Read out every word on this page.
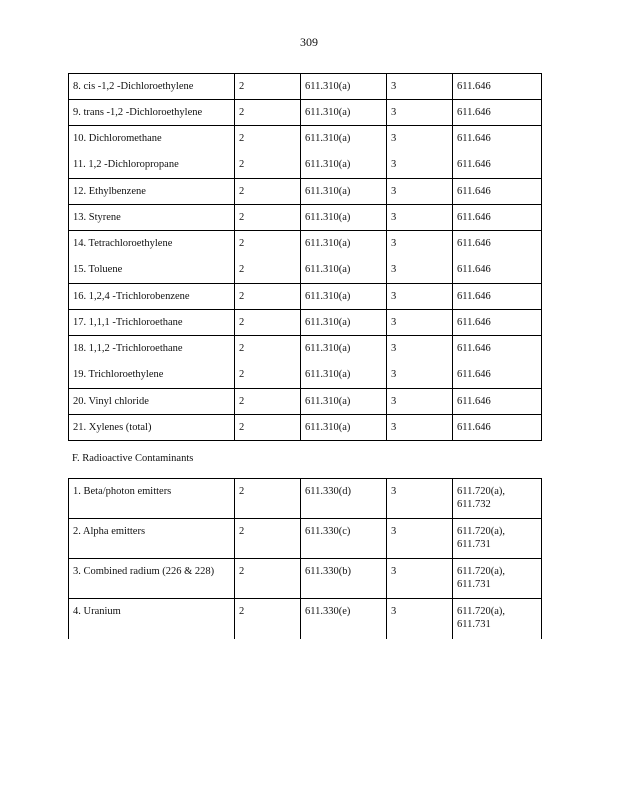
309
8. cis -1,2 -Dichloroethylene	2	611.310(a)	3	611.646
9. trans -1,2 -Dichloroethylene	2	611.310(a)	3	611.646
10. Dichloromethane	2	611.310(a)	3	611.646
11. 1,2 -Dichloropropane	2	611.310(a)	3	611.646
12. Ethylbenzene	2	611.310(a)	3	611.646
13. Styrene	2	611.310(a)	3	611.646
14. Tetrachloroethylene	2	611.310(a)	3	611.646
15. Toluene	2	611.310(a)	3	611.646
16. 1,2,4 -Trichlorobenzene	2	611.310(a)	3	611.646
17. 1,1,1 -Trichloroethane	2	611.310(a)	3	611.646
18. 1,1,2 -Trichloroethane	2	611.310(a)	3	611.646
19. Trichloroethylene	2	611.310(a)	3	611.646
20. Vinyl chloride	2	611.310(a)	3	611.646
21. Xylenes (total)	2	611.310(a)	3	611.646
F. Radioactive Contaminants
1. Beta/photon emitters	2	611.330(d)	3	611.720(a),
611.732

2. Alpha emitters	2	611.330(c)	3	611.720(a),
611.731

3. Combined radium (226 & 228)	2	611.330(b)	3	611.720(a),
611.731

4. Uranium	2	611.330(e)	3	611.720(a),
611.731
